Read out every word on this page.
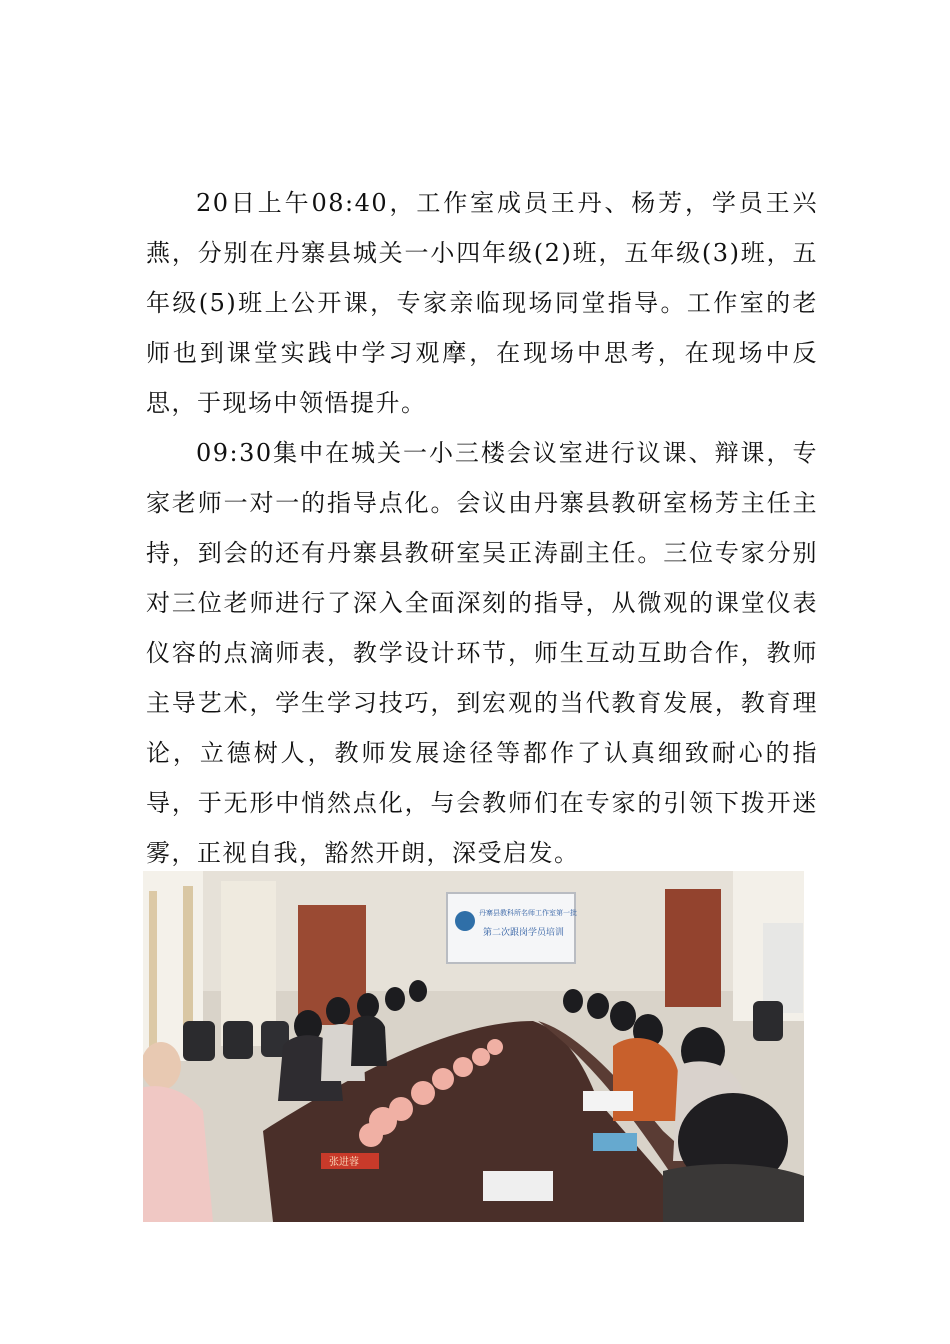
20日上午08:40，工作室成员王丹、杨芳，学员王兴燕，分别在丹寨县城关一小四年级(2)班，五年级(3)班，五年级(5)班上公开课，专家亲临现场同堂指导。工作室的老师也到课堂实践中学习观摩，在现场中思考，在现场中反思，于现场中领悟提升。

09:30集中在城关一小三楼会议室进行议课、辩课，专家老师一对一的指导点化。会议由丹寨县教研室杨芳主任主持，到会的还有丹寨县教研室吴正涛副主任。三位专家分别对三位老师进行了深入全面深刻的指导，从微观的课堂仪表仪容的点滴师表，教学设计环节，师生互动互助合作，教师主导艺术，学生学习技巧，到宏观的当代教育发展，教育理论，立德树人，教师发展途径等都作了认真细致耐心的指导，于无形中悄然点化，与会教师们在专家的引领下拨开迷雾，正视自我，豁然开朗，深受启发。

丹寨县教科所名师工作室第一批
第二次跟岗学员培训
张进蓉
